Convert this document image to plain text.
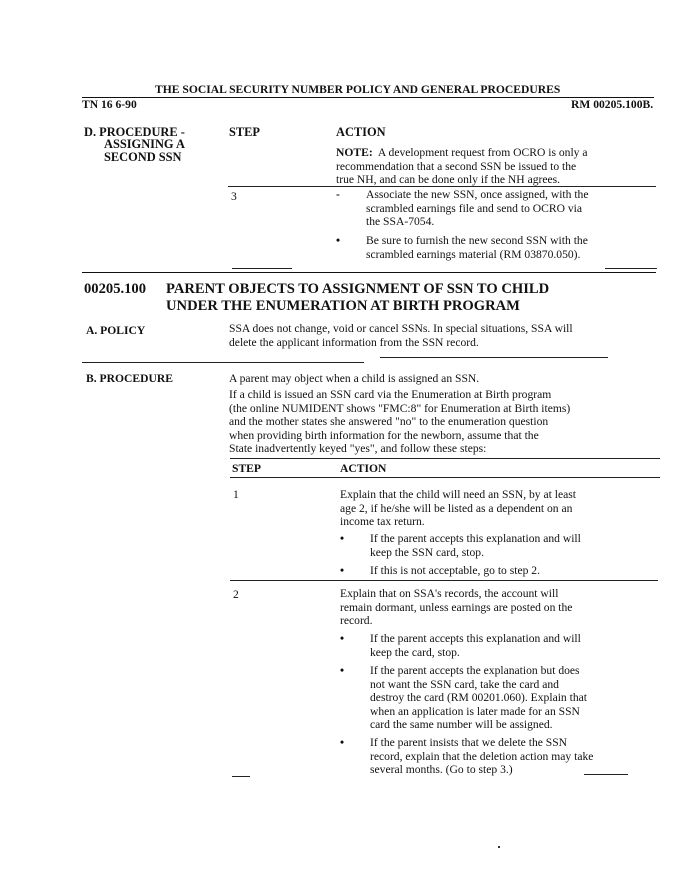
THE SOCIAL SECURITY NUMBER POLICY AND GENERAL PROCEDURES
TN 16 6-90	RM 00205.100B.
D. PROCEDURE -
ASSIGNING A
SECOND SSN
STEP	ACTION
NOTE: A development request from OCRO is only a
recommendation that a second SSN be issued to the
true NH, and can be done only if the NH agrees.
3	- Associate the new SSN, once assigned, with the
scrambled earnings file and send to OCRO via
the SSA-7054.
• Be sure to furnish the new second SSN with the
scrambled earnings material (RM 03870.050).
00205.100 PARENT OBJECTS TO ASSIGNMENT OF SSN TO CHILD
UNDER THE ENUMERATION AT BIRTH PROGRAM
A. POLICY	SSA does not change, void or cancel SSNs. In special situations, SSA will
delete the applicant information from the SSN record.
B. PROCEDURE	A parent may object when a child is assigned an SSN.
If a child is issued an SSN card via the Enumeration at Birth program
(the online NUMIDENT shows "FMC:8" for Enumeration at Birth items)
and the mother states she answered "no" to the enumeration question
when providing birth information for the newborn, assume that the
State inadvertently keyed "yes", and follow these steps:
STEP	ACTION
1	Explain that the child will need an SSN, by at least
age 2, if he/she will be listed as a dependent on an
income tax return.
• If the parent accepts this explanation and will
keep the SSN card, stop.
• If this is not acceptable, go to step 2.
2	Explain that on SSA's records, the account will
remain dormant, unless earnings are posted on the
record.
• If the parent accepts this explanation and will
keep the card, stop.
• If the parent accepts the explanation but does
not want the SSN card, take the card and
destroy the card (RM 00201.060). Explain that
when an application is later made for an SSN
card the same number will be assigned.
• If the parent insists that we delete the SSN
record, explain that the deletion action may take
several months. (Go to step 3.)
